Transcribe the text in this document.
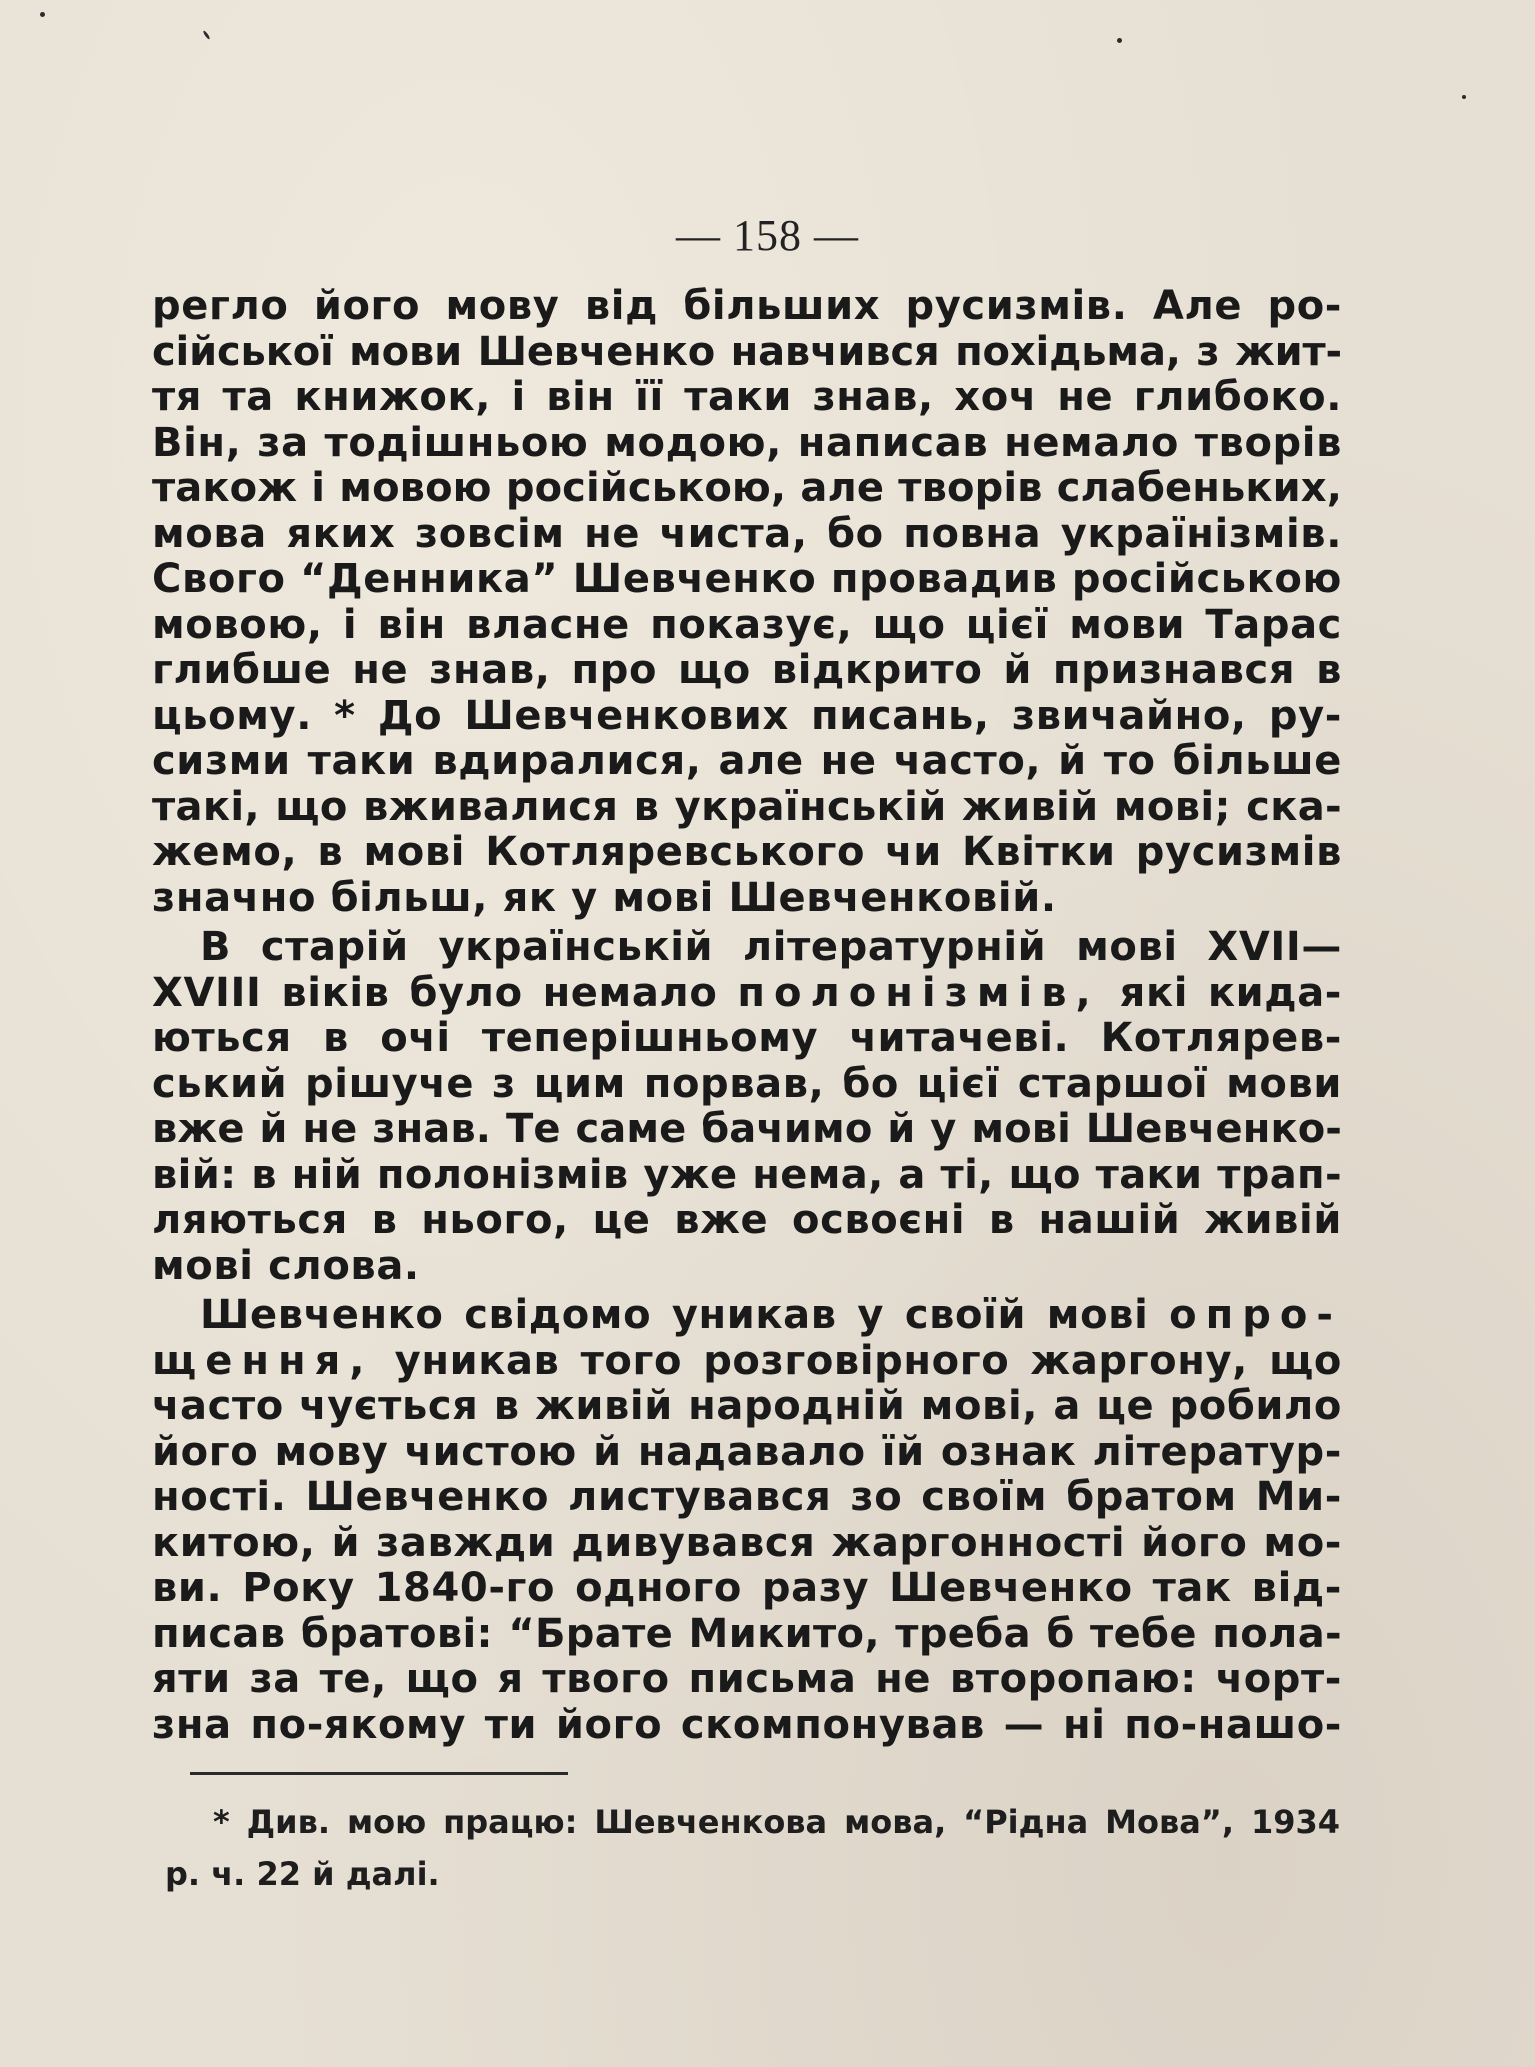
— 158 —
регло його мову від більших русизмів. Але ро-
сійської мови Шевченко навчився похідьма, з жит-
тя та книжок, і він її таки знав, хоч не глибоко.
Він, за тодішньою модою, написав немало творів
також і мовою російською, але творів слабеньких,
мова яких зовсім не чиста, бо повна українізмів.
Свого “Денника” Шевченко провадив російською
мовою, і він власне показує, що цієї мови Тарас
глибше не знав, про що відкрито й признався в
цьому. * До Шевченкових писань, звичайно, ру-
сизми таки вдиралися, але не часто, й то більше
такі, що вживалися в українській живій мові; ска-
жемо, в мові Котляревського чи Квітки русизмів
значно більш, як у мові Шевченковій.
В старій українській літературній мові XVII—
XVIII віків було немало полонізмів, які кида-
ються в очі теперішньому читачеві. Котлярев-
ський рішуче з цим порвав, бо цієї старшої мови
вже й не знав. Те саме бачимо й у мові Шевченко-
вій: в ній полонізмів уже нема, а ті, що таки трап-
ляються в нього, це вже освоєні в нашій живій
мові слова.
Шевченко свідомо уникав у своїй мові опро-
щення, уникав того розговірного жаргону, що
часто чується в живій народній мові, а це робило
його мову чистою й надавало їй ознак літератур-
ності. Шевченко листувався зо своїм братом Ми-
китою, й завжди дивувався жаргонності його мо-
ви. Року 1840-го одного разу Шевченко так від-
писав братові: “Брате Микито, треба б тебе пола-
яти за те, що я твого письма не второпаю: чорт-
зна по-якому ти його скомпонував — ні по-нашо-
* Див. мою працю: Шевченкова мова, “Рідна Мова”, 1934
р. ч. 22 й далі.
